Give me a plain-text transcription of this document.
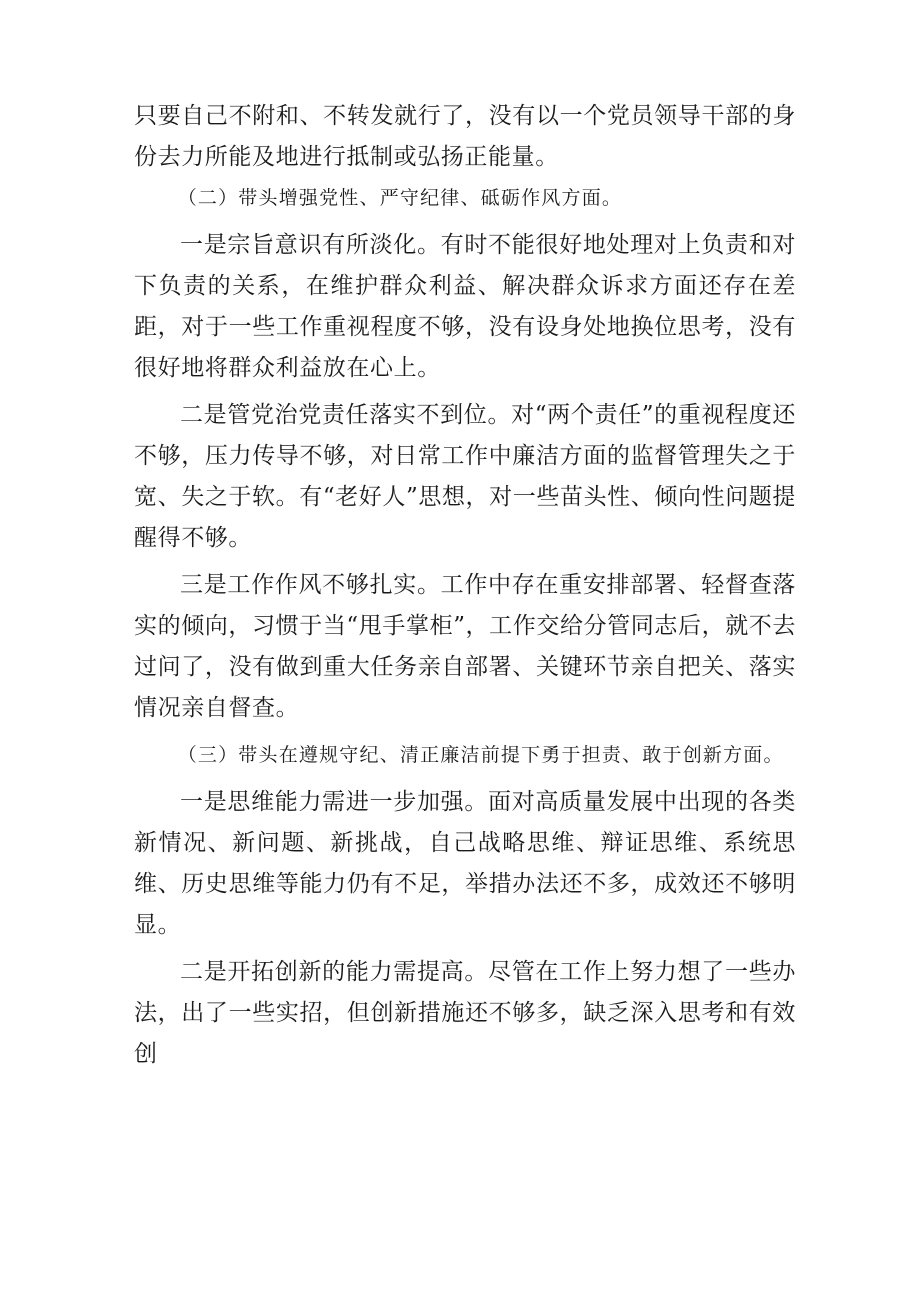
只要自己不附和、不转发就行了，没有以一个党员领导干部的身份去力所能及地进行抵制或弘扬正能量。

（二）带头增强党性、严守纪律、砥砺作风方面。

一是宗旨意识有所淡化。有时不能很好地处理对上负责和对下负责的关系，在维护群众利益、解决群众诉求方面还存在差距，对于一些工作重视程度不够，没有设身处地换位思考，没有很好地将群众利益放在心上。

二是管党治党责任落实不到位。对“两个责任”的重视程度还不够，压力传导不够，对日常工作中廉洁方面的监督管理失之于宽、失之于软。有“老好人”思想，对一些苗头性、倾向性问题提醒得不够。

三是工作作风不够扎实。工作中存在重安排部署、轻督查落实的倾向，习惯于当“甩手掌柜”，工作交给分管同志后，就不去过问了，没有做到重大任务亲自部署、关键环节亲自把关、落实情况亲自督查。

（三）带头在遵规守纪、清正廉洁前提下勇于担责、敢于创新方面。

一是思维能力需进一步加强。面对高质量发展中出现的各类新情况、新问题、新挑战，自己战略思维、辩证思维、系统思维、历史思维等能力仍有不足，举措办法还不多，成效还不够明显。

二是开拓创新的能力需提高。尽管在工作上努力想了一些办法，出了一些实招，但创新措施还不够多，缺乏深入思考和有效创
